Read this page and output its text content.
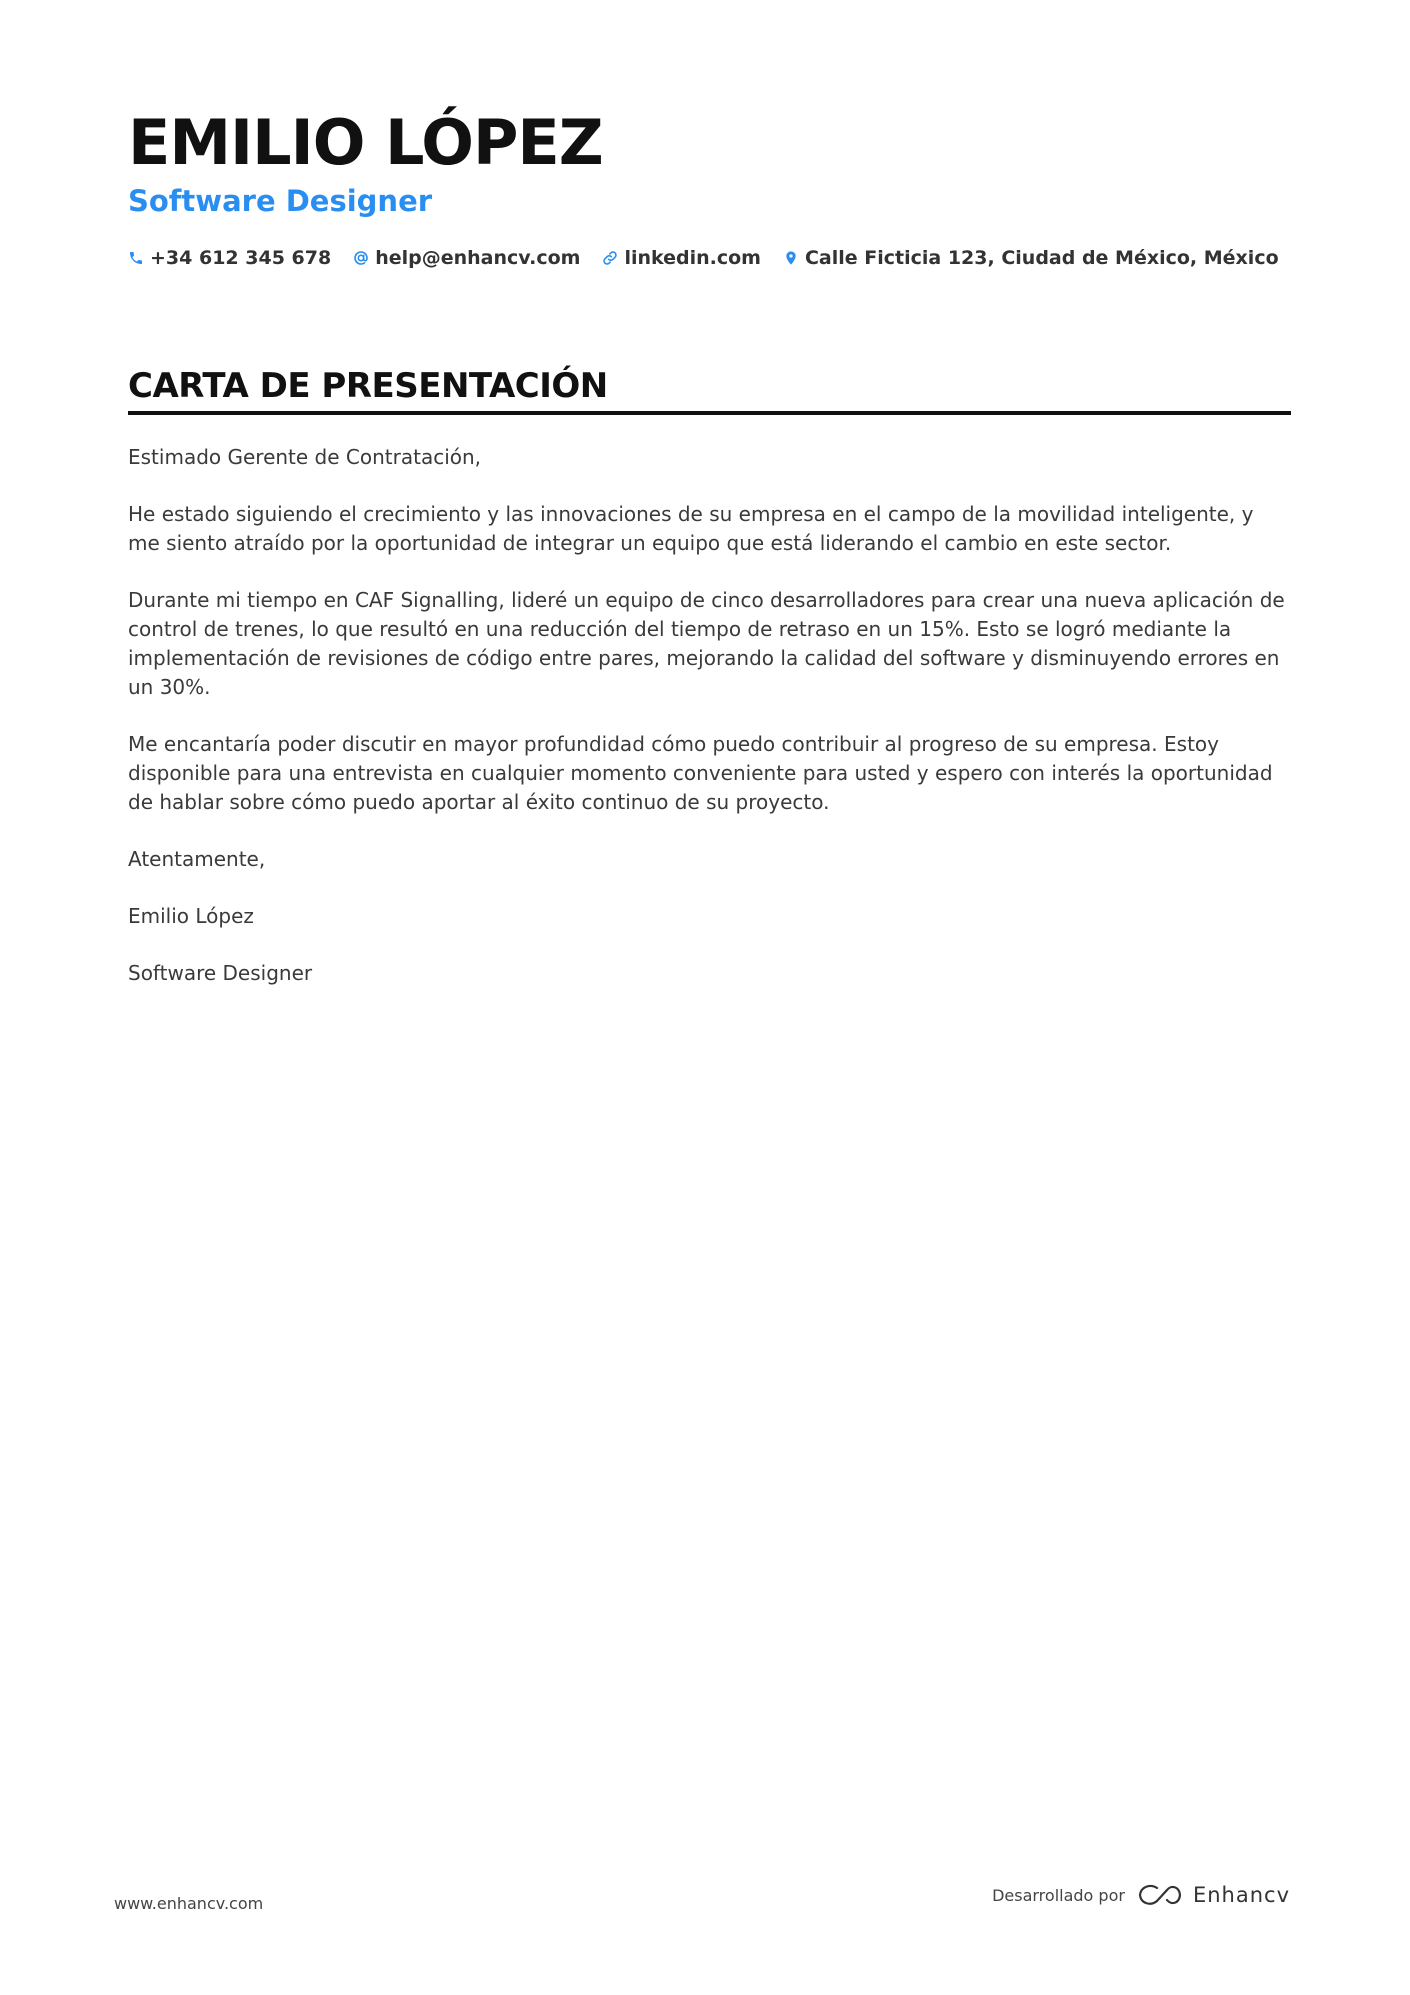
EMILIO LÓPEZ
Software Designer
+34 612 345 678 help@enhancv.com linkedin.com Calle Ficticia 123, Ciudad de México, México
CARTA DE PRESENTACIÓN

Estimado Gerente de Contratación,

He estado siguiendo el crecimiento y las innovaciones de su empresa en el campo de la movilidad inteligente, y me siento atraído por la oportunidad de integrar un equipo que está liderando el cambio en este sector.

Durante mi tiempo en CAF Signalling, lideré un equipo de cinco desarrolladores para crear una nueva aplicación de control de trenes, lo que resultó en una reducción del tiempo de retraso en un 15%. Esto se logró mediante la implementación de revisiones de código entre pares, mejorando la calidad del software y disminuyendo errores en un 30%.

Me encantaría poder discutir en mayor profundidad cómo puedo contribuir al progreso de su empresa. Estoy disponible para una entrevista en cualquier momento conveniente para usted y espero con interés la oportunidad de hablar sobre cómo puedo aportar al éxito continuo de su proyecto.

Atentamente,

Emilio López

Software Designer

www.enhancv.com	Desarrollado por	Enhancv
